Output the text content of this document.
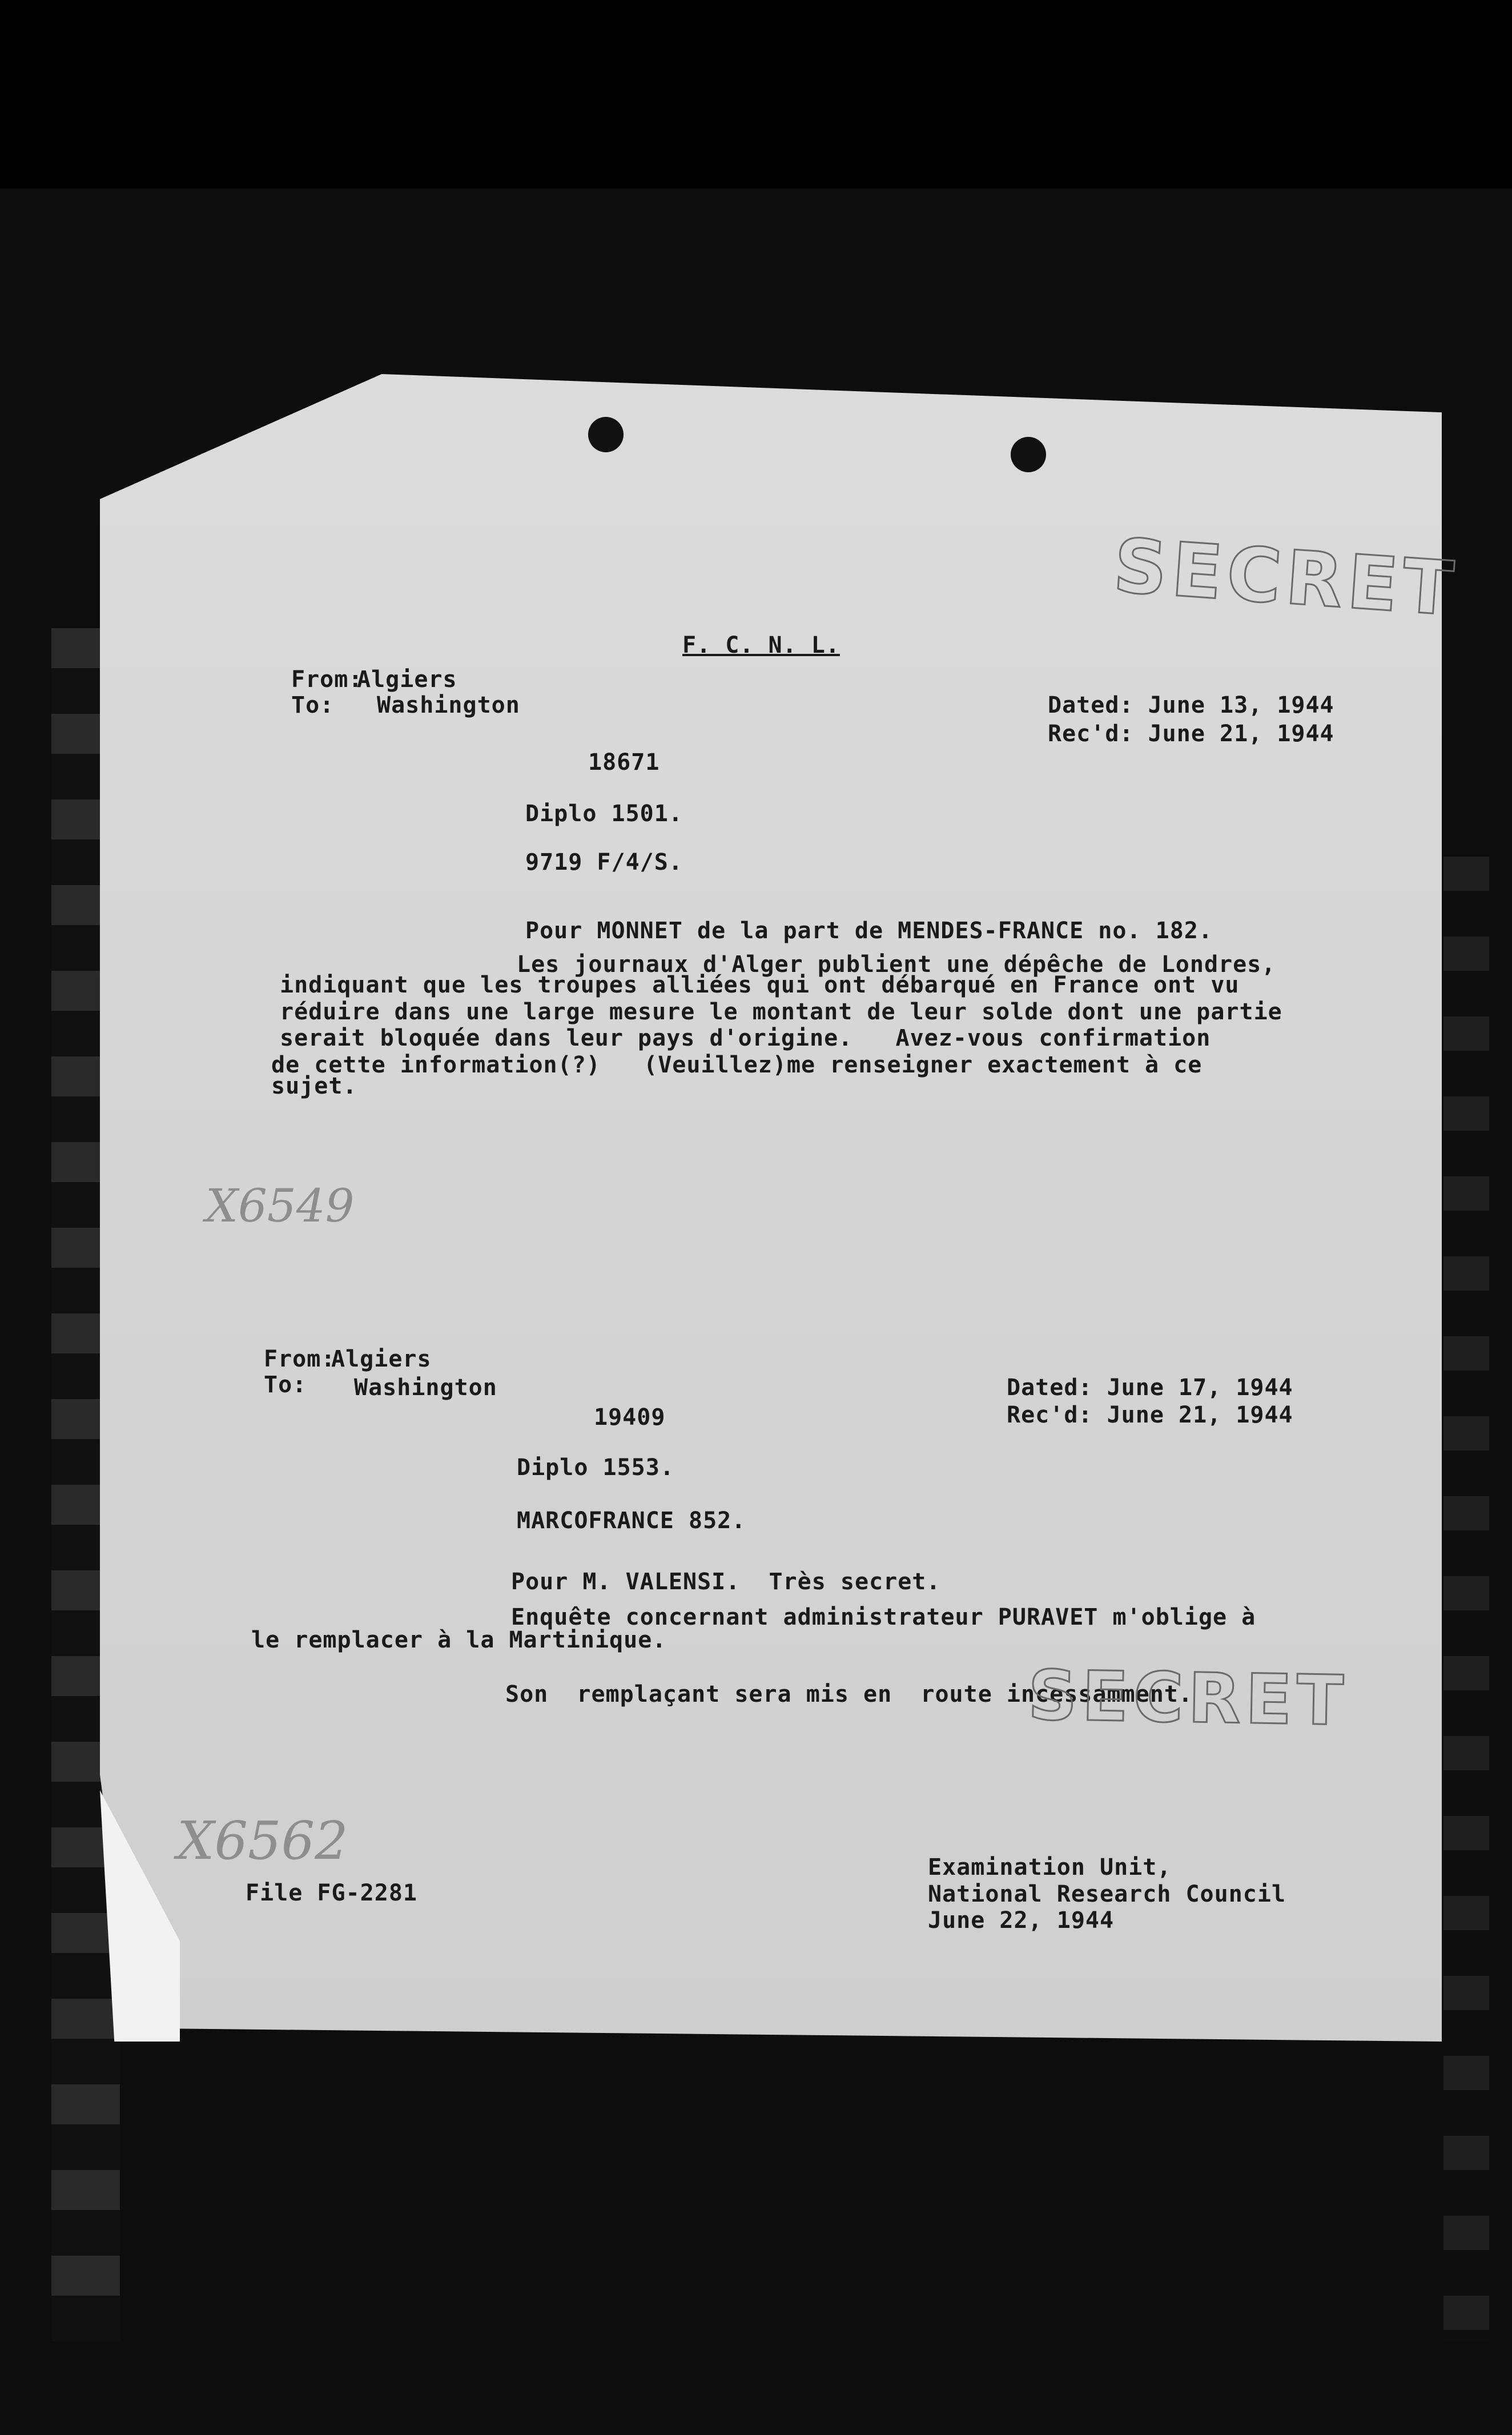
SECRET
F. C. N. L.
From:
Algiers
To: Washington	Dated: June 13, 1944
Rec'd: June 21, 1944
18671
Diplo 1501.
9719 F/4/S.
Pour MONNET de la part de MENDES-FRANCE no. 182.
Les journaux d'Alger publient une dépêche de Londres,
indiquant que les troupes alliées qui ont débarqué en France ont vu
réduire dans une large mesure le montant de leur solde dont une partie
serait bloquée dans leur pays d'origine.   Avez-vous confirmation
de cette information(?)   (Veuillez)me renseigner exactement à ce
sujet.
X6549
From:
Algiers
To: Washington	Dated: June 17, 1944
Rec'd: June 21, 1944
19409
Diplo 1553.
MARCOFRANCE 852.
Pour M. VALENSI.  Très secret.
Enquête concernant administrateur PURAVET m'oblige à
le remplacer à la Martinique.
Son  remplaçant sera mis en  route incessamment.
SECRET
X6562
File FG-2281
Examination Unit,
National Research Council
June 22, 1944
